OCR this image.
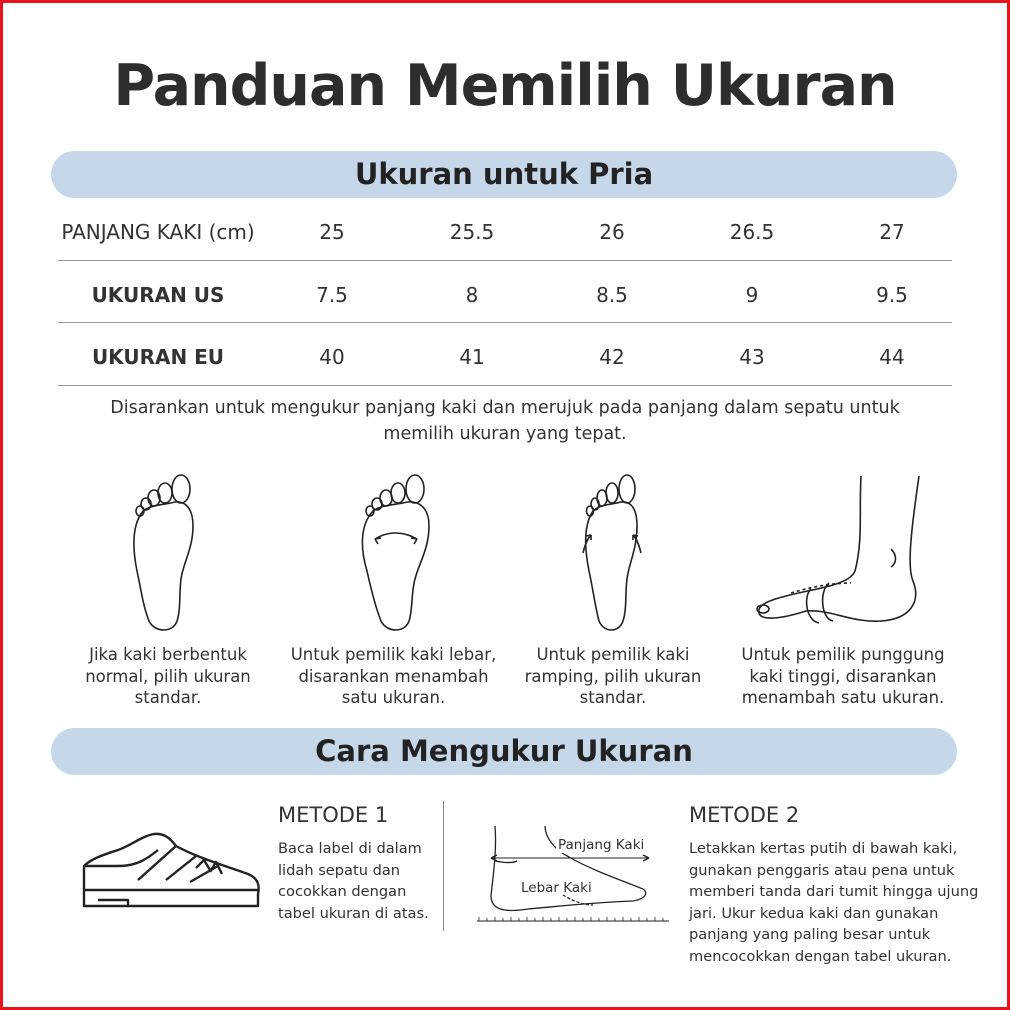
Panduan Memilih Ukuran
Ukuran untuk Pria
PANJANG KAKI (cm)	25	25.5	26	26.5	27
UKURAN US	7.5	8	8.5	9	9.5
UKURAN EU	40	41	42	43	44
Disarankan untuk mengukur panjang kaki dan merujuk pada panjang dalam sepatu untuk memilih ukuran yang tepat.
Jika kaki berbentuk normal, pilih ukuran standar.
Untuk pemilik kaki lebar, disarankan menambah satu ukuran.
Untuk pemilik kaki ramping, pilih ukuran standar.
Untuk pemilik punggung kaki tinggi, disarankan menambah satu ukuran.
Cara Mengukur Ukuran
METODE 1
Baca label di dalam lidah sepatu dan cocokkan dengan tabel ukuran di atas.
Panjang Kaki
Lebar Kaki
METODE 2
Letakkan kertas putih di bawah kaki, gunakan penggaris atau pena untuk memberi tanda dari tumit hingga ujung jari. Ukur kedua kaki dan gunakan panjang yang paling besar untuk mencocokkan dengan tabel ukuran.
